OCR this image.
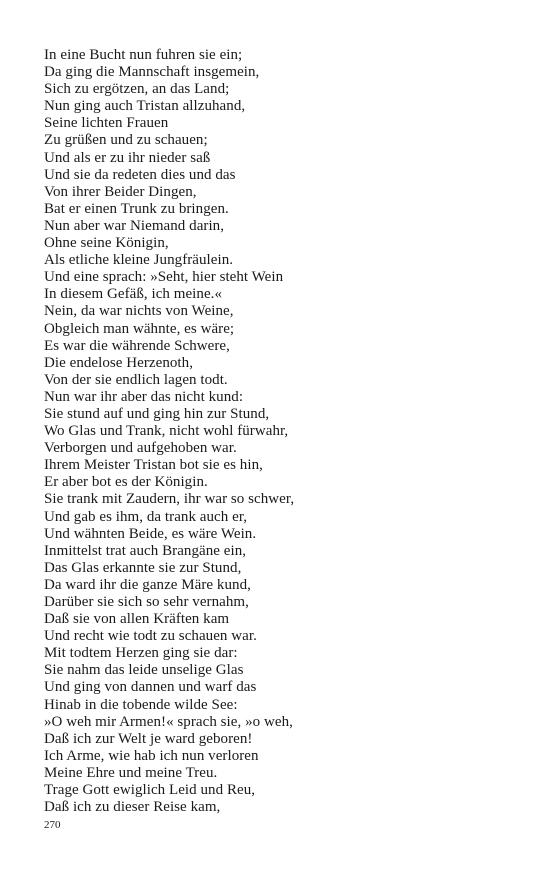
In eine Bucht nun fuhren sie ein;
Da ging die Mannschaft insgemein,
Sich zu ergötzen, an das Land;
Nun ging auch Tristan allzuhand,
Seine lichten Frauen
Zu grüßen und zu schauen;
Und als er zu ihr nieder saß
Und sie da redeten dies und das
Von ihrer Beider Dingen,
Bat er einen Trunk zu bringen.
Nun aber war Niemand darin,
Ohne seine Königin,
Als etliche kleine Jungfräulein.
Und eine sprach: »Seht, hier steht Wein
In diesem Gefäß, ich meine.«
Nein, da war nichts von Weine,
Obgleich man wähnte, es wäre;
Es war die währende Schwere,
Die endelose Herzenoth,
Von der sie endlich lagen todt.
Nun war ihr aber das nicht kund:
Sie stund auf und ging hin zur Stund,
Wo Glas und Trank, nicht wohl fürwahr,
Verborgen und aufgehoben war.
Ihrem Meister Tristan bot sie es hin,
Er aber bot es der Königin.
Sie trank mit Zaudern, ihr war so schwer,
Und gab es ihm, da trank auch er,
Und wähnten Beide, es wäre Wein.
Inmittelst trat auch Brangäne ein,
Das Glas erkannte sie zur Stund,
Da ward ihr die ganze Märe kund,
Darüber sie sich so sehr vernahm,
Daß sie von allen Kräften kam
Und recht wie todt zu schauen war.
Mit todtem Herzen ging sie dar:
Sie nahm das leide unselige Glas
Und ging von dannen und warf das
Hinab in die tobende wilde See:
»O weh mir Armen!« sprach sie, »o weh,
Daß ich zur Welt je ward geboren!
Ich Arme, wie hab ich nun verloren
Meine Ehre und meine Treu.
Trage Gott ewiglich Leid und Reu,
Daß ich zu dieser Reise kam,
270
